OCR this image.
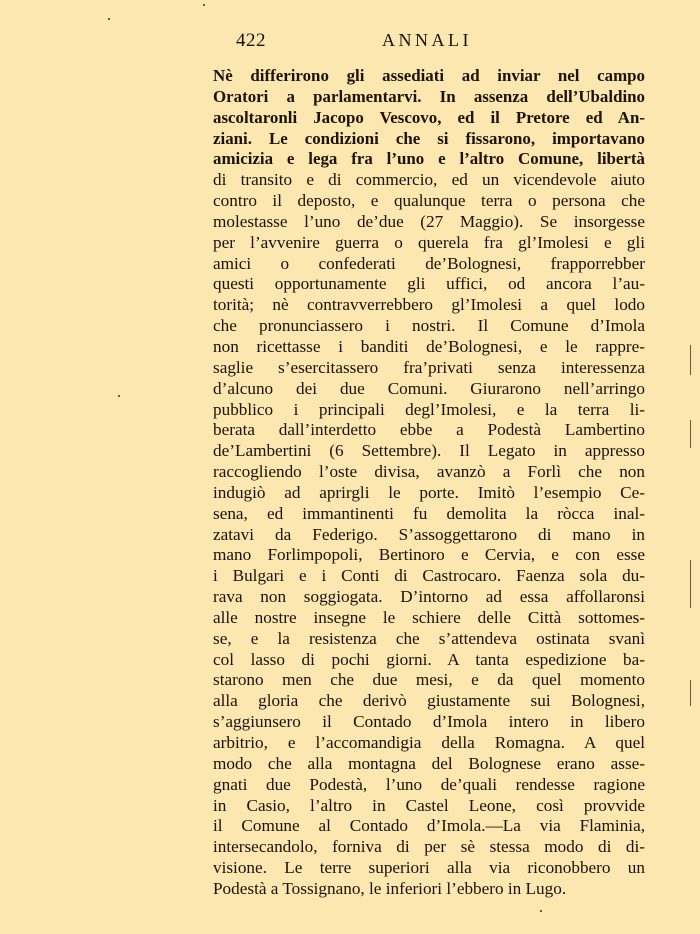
422	ANNALI
Nè differirono gli assediati ad inviar nel campo
Oratori a parlamentarvi. In assenza dell’Ubaldino
ascoltaronli Jacopo Vescovo, ed il Pretore ed An-
ziani. Le condizioni che si fissarono, importavano
amicizia e lega fra l’uno e l’altro Comune, libertà
di transito e di commercio, ed un vicendevole aiuto
contro il deposto, e qualunque terra o persona che
molestasse l’uno de’due (27 Maggio). Se insorgesse
per l’avvenire guerra o querela fra gl’Imolesi e gli
amici o confederati de’Bolognesi, frapporrebber
questi opportunamente gli uffici, od ancora l’au-
torità; nè contravverrebbero gl’Imolesi a quel lodo
che pronunciassero i nostri. Il Comune d’Imola
non ricettasse i banditi de’Bolognesi, e le rappre-
saglie s’esercitassero fra’privati senza interessenza
d’alcuno dei due Comuni. Giurarono nell’arringo
pubblico i principali degl’Imolesi, e la terra li-
berata dall’interdetto ebbe a Podestà Lambertino
de’Lambertini (6 Settembre). Il Legato in appresso
raccogliendo l’oste divisa, avanzò a Forlì che non
indugiò ad aprirgli le porte. Imitò l’esempio Ce-
sena, ed immantinenti fu demolita la ròcca inal-
zatavi da Federigo. S’assoggettarono di mano in
mano Forlimpopoli, Bertinoro e Cervia, e con esse
i Bulgari e i Conti di Castrocaro. Faenza sola du-
rava non soggiogata. D’intorno ad essa affollaronsi
alle nostre insegne le schiere delle Città sottomes-
se, e la resistenza che s’attendeva ostinata svanì
col lasso di pochi giorni. A tanta espedizione ba-
starono men che due mesi, e da quel momento
alla gloria che derivò giustamente sui Bolognesi,
s’aggiunsero il Contado d’Imola intero in libero
arbitrio, e l’accomandigia della Romagna. A quel
modo che alla montagna del Bolognese erano asse-
gnati due Podestà, l’uno de’quali rendesse ragione
in Casio, l’altro in Castel Leone, così provvide
il Comune al Contado d’Imola.—La via Flaminia,
intersecandolo, forniva di per sè stessa modo di di-
visione. Le terre superiori alla via riconobbero un
Podestà a Tossignano, le inferiori l’ebbero in Lugo.
